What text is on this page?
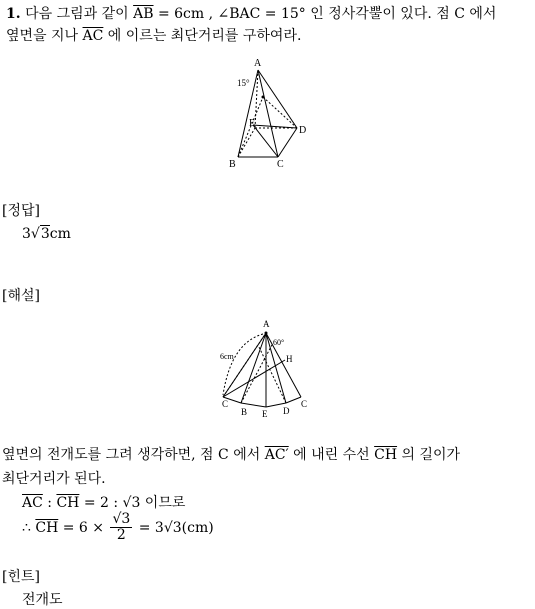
1. 다음 그림과 같이 $\overline{AB} = 6cm$ , ∠BAC = 15° 인 정사각뿔이 있다. 점 C 에서
옆면을 지나 $\overline{AC}$ 에 이르는 최단거리를 구하여라.
A
15°
E
D
B	C
[정답]
3√3cm
[해설]
A
60°
6cm	H
C
B E D
C
옆면의 전개도를 그려 생각하면, 점 C 에서 AC′ 에 내린 수선 $\overline{CH}$ 의 길이가
최단거리가 된다.
$\overline{AC}$ : $\overline{CH} = 2$ : √3 이므로
∴ $\overline{CH} = 6 \times \frac{√3}{2} = 3√3(cm)$
[힌트]
전개도
